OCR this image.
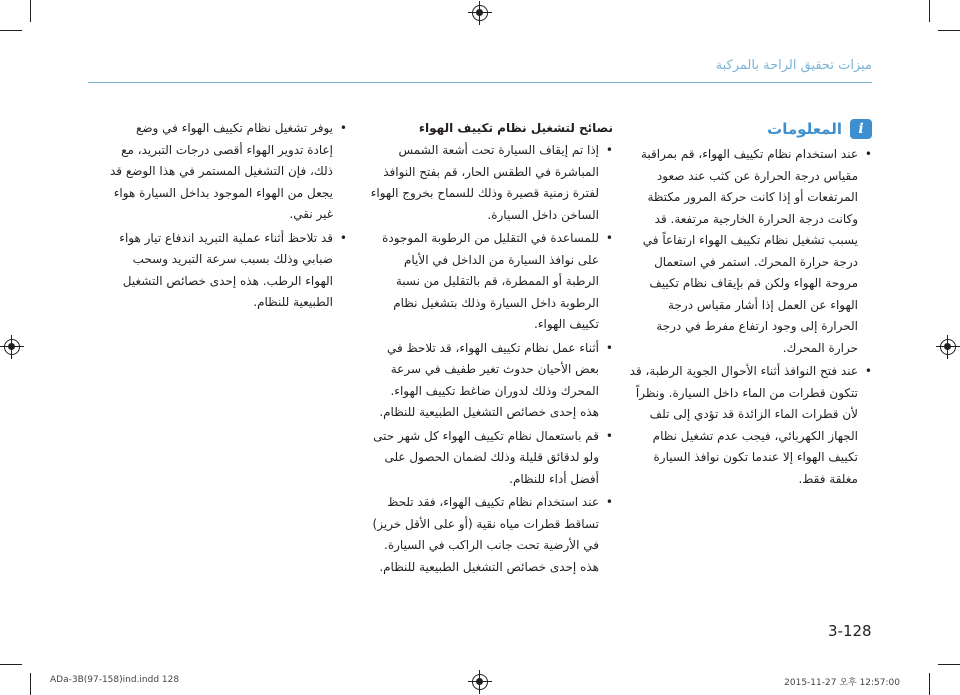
ميزات تحقيق الراحة بالمركبة
i
المعلومات
• عند استخدام نظام تكييف الهواء، قم بمراقبة مقياس درجة الحرارة عن كثب عند صعود المرتفعات أو إذا كانت حركة المرور مكتظة وكانت درجة الحرارة الخارجية مرتفعة. قد يسبب تشغيل نظام تكييف الهواء ارتفاعاً في درجة حرارة المحرك. استمر في استعمال مروحة الهواء ولكن قم بإيقاف نظام تكييف الهواء عن العمل إذا أشار مقياس درجة الحرارة إلى وجود ارتفاع مفرط في درجة حرارة المحرك.
• عند فتح النوافذ أثناء الأحوال الجوية الرطبة، قد تتكون قطرات من الماء داخل السيارة. ونظراً لأن قطرات الماء الزائدة قد تؤدي إلى تلف الجهاز الكهربائي، فيجب عدم تشغيل نظام تكييف الهواء إلا عندما تكون نوافذ السيارة مغلقة فقط.
نصائح لتشغيل نظام تكييف الهواء
• إذا تم إيقاف السيارة تحت أشعة الشمس المباشرة في الطقس الحار، قم بفتح النوافذ لفترة زمنية قصيرة وذلك للسماح بخروج الهواء الساخن داخل السيارة.
• للمساعدة في التقليل من الرطوبة الموجودة على نوافذ السيارة من الداخل في الأيام الرطبة أو الممطرة، قم بالتقليل من نسبة الرطوبة داخل السيارة وذلك بتشغيل نظام تكييف الهواء.
• أثناء عمل نظام تكييف الهواء، قد تلاحظ في بعض الأحيان حدوث تغير طفيف في سرعة المحرك وذلك لدوران ضاغط تكييف الهواء. هذه إحدى خصائص التشغيل الطبيعية للنظام.
• قم باستعمال نظام تكييف الهواء كل شهر حتى ولو لدقائق قليلة وذلك لضمان الحصول على أفضل أداء للنظام.
• عند استخدام نظام تكييف الهواء، فقد تلحظ تساقط قطرات مياه نقية (أو على الأقل خريز) في الأرضية تحت جانب الراكب في السيارة. هذه إحدى خصائص التشغيل الطبيعية للنظام.
• يوفر تشغيل نظام تكييف الهواء في وضع إعادة تدوير الهواء أقصى درجات التبريد، مع ذلك، فإن التشغيل المستمر في هذا الوضع قد يجعل من الهواء الموجود بداخل السيارة هواء غير نقي.
• قد تلاحظ أثناء عملية التبريد اندفاع تيار هواء ضبابي وذلك بسبب سرعة التبريد وسحب الهواء الرطب. هذه إحدى خصائص التشغيل الطبيعية للنظام.
3-128
ADa-3B(97-158)ind.indd 128	2015-11-27 오후 12:57:00
